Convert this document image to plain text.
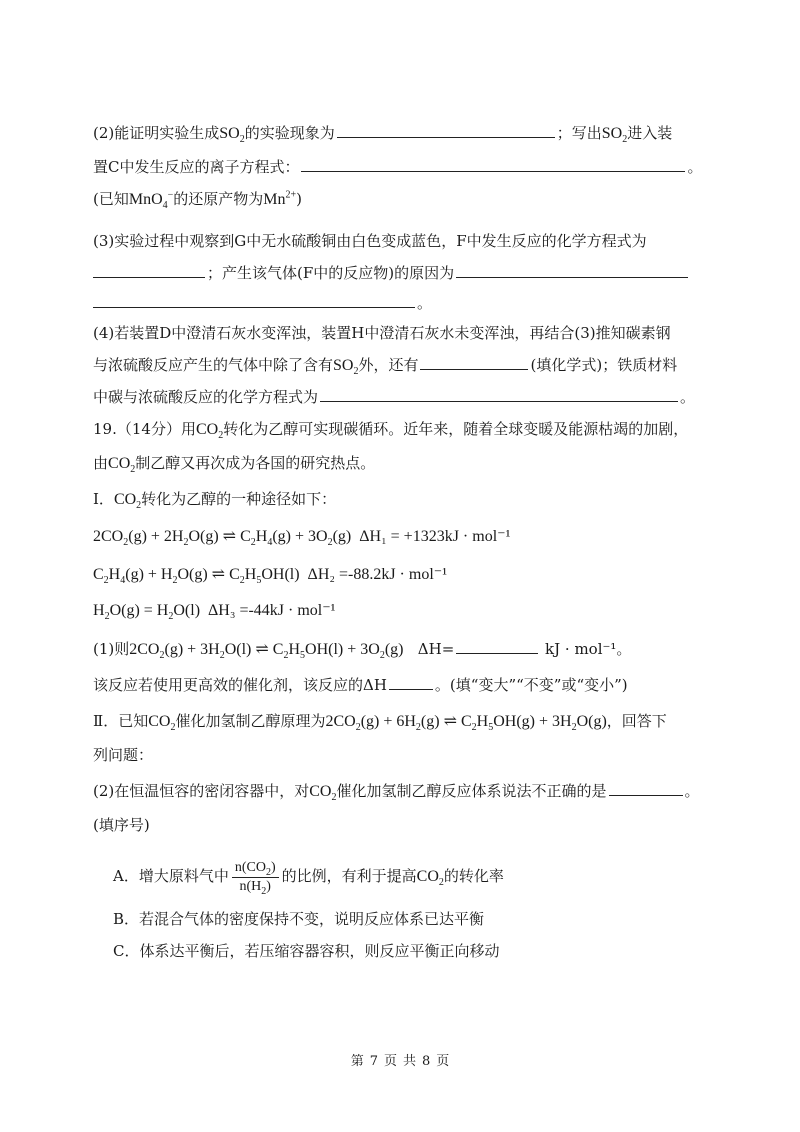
(2)能证明实验生成$SO_2$的实验现象为	；写出$SO_2$进入装
置C中发生反应的离子方程式：	。
(已知MnO$_4$−的还原产物为$Mn^{2+}$)
(3)实验过程中观察到G中无水硫酸铜由白色变成蓝色，F中发生反应的化学方程式为
；产生该气体(F中的反应物)的原因为
。
(4)若装置D中澄清石灰水变浑浊，装置H中澄清石灰水未变浑浊，再结合(3)推知碳素钢
与浓硫酸反应产生的气体中除了含有$SO_2$外，还有	(填化学式)；铁质材料
中碳与浓硫酸反应的化学方程式为	。
19.（14分）用$CO_2$转化为乙醇可实现碳循环。近年来，随着全球变暖及能源枯竭的加剧，
由$CO_2$制乙醇又再次成为各国的研究热点。
Ⅰ．$CO_2$转化为乙醇的一种途径如下：
$2CO_2(g) + 2H_2O(g)$ ⇌ $C_2H_4(g) + 3O_2(g) \Delta H_1 = +1323kJ \cdot mol^{-1}$
$C_2H_4(g) + H_2O(g)$ ⇌ $C_2H_5OH(l)$  ΔH₂ =-88.2kJ · mol⁻¹
$H_2O(g) = H_2O(l)$  ΔH₃ =-44kJ · mol⁻¹
(1)则$2CO_2(g) + 3H_2O(l)$ ⇌ $C_2H_5OH(l) + 3O_2(g)$ ΔH=	kJ · mol⁻¹。
该反应若使用更高效的催化剂，该反应的ΔH	。(填“变大”“不变”或“变小”)
Ⅱ．已知$CO_2$催化加氢制乙醇原理为$2CO_2(g) + 6H_2(g)$ ⇌ $C_2H_5OH(g) + 3H_2O(g)$，回答下
列问题：
(2)在恒温恒容的密闭容器中，对$CO_2$催化加氢制乙醇反应体系说法不正确的是	。
(填序号)
A．增大原料气中 $\frac{n(CO_2)}{n(H_2)}$ 的比例，有利于提高$CO_2$的转化率
B．若混合气体的密度保持不变，说明反应体系已达平衡
C．体系达平衡后，若压缩容器容积，则反应平衡正向移动
第 7 页 共 8 页
